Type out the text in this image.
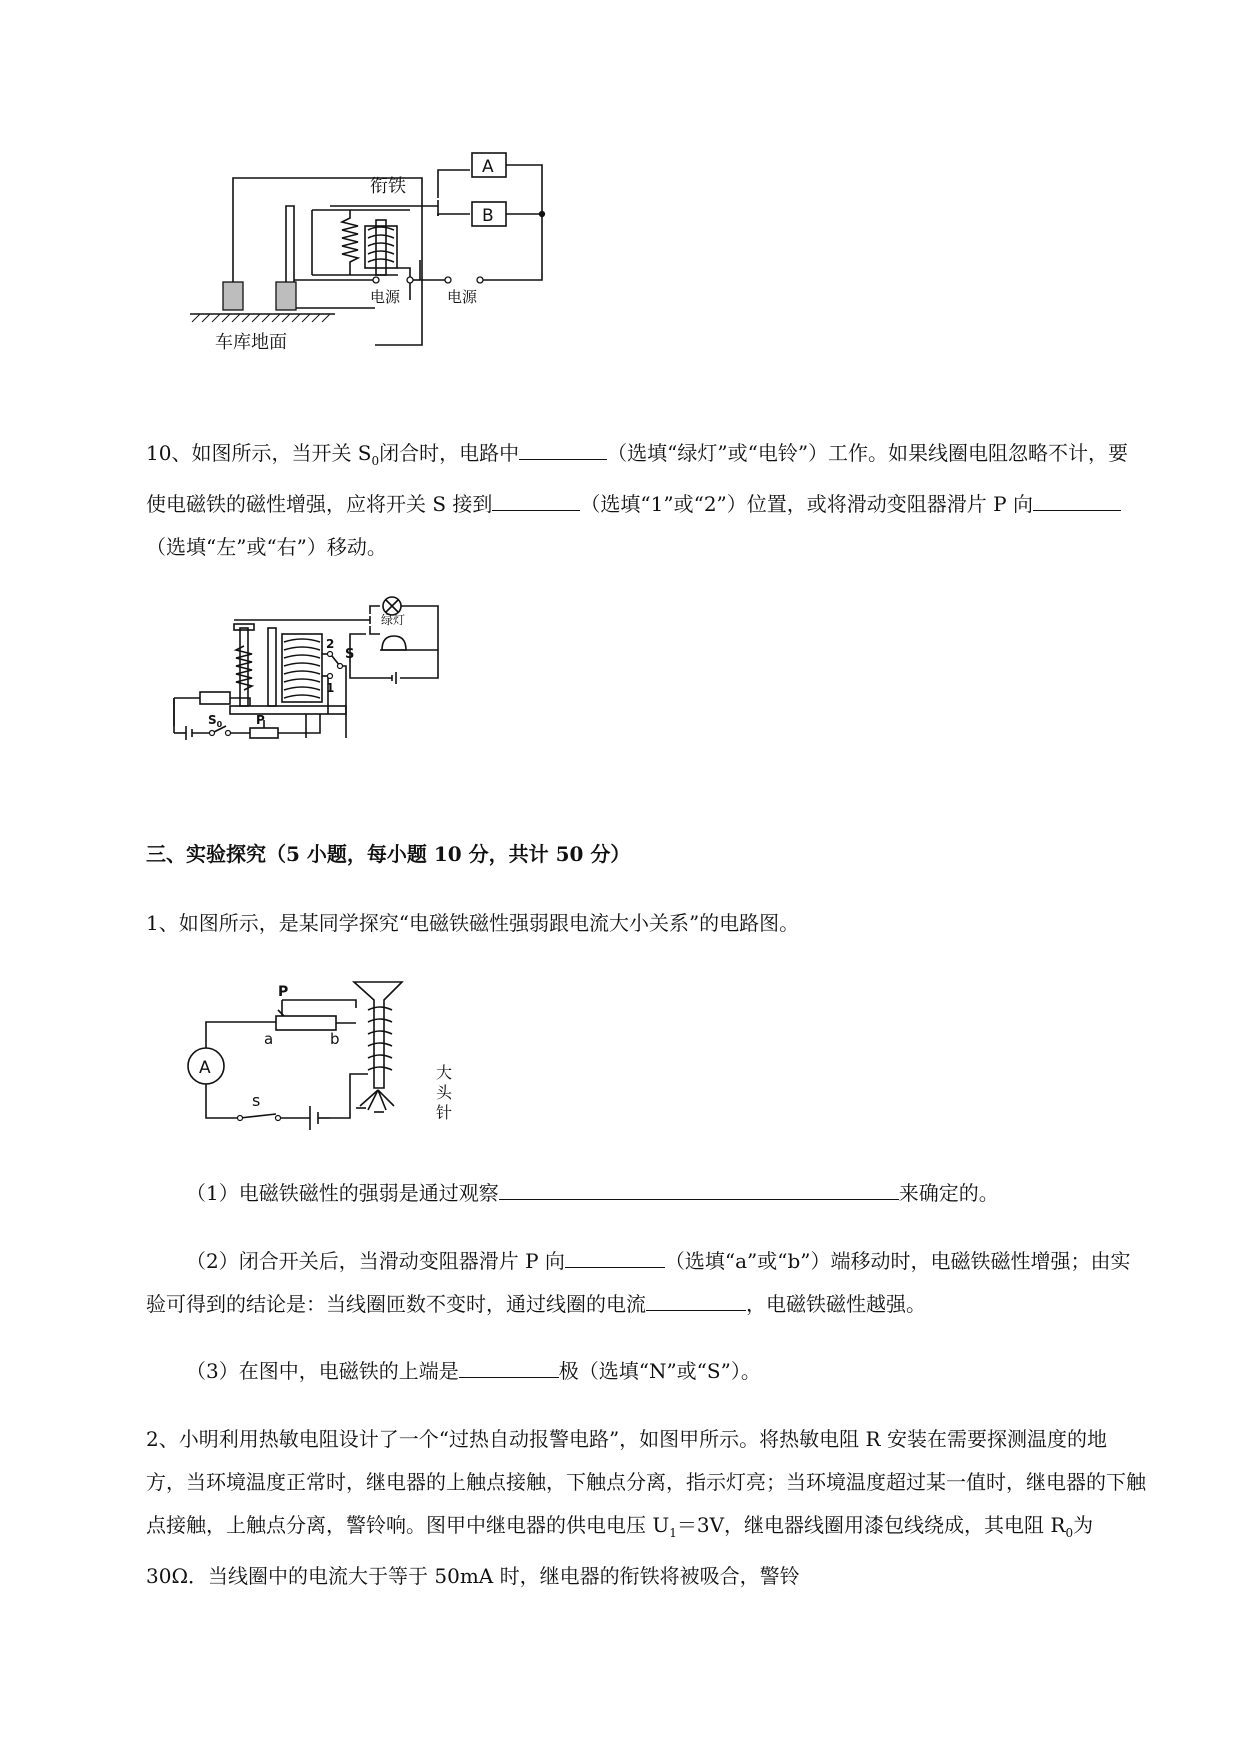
衔铁
A
B
电源	电源
车库地面

10、如图所示，当开关 $S_0$闭合时，电路中	（选填“绿灯”或“电铃”）工作。如果线圈电阻忽略不计，要使电磁铁的磁性增强，应将开关 S 接到	（选填“1”或“2”）位置，或将滑动变阻器滑片 P 向（选填“左”或“右”）移动。

绿灯
2
1
S
$S_0$	P

三、实验探究（5 小题，每小题 10 分，共计 50 分）

1、如图所示，是某同学探究“电磁铁磁性强弱跟电流大小关系”的电路图。

A
P
a	b
s
大
头
针

（1）电磁铁磁性的强弱是通过观察	来确定的。

（2）闭合开关后，当滑动变阻器滑片 P 向	（选填“a”或“b”）端移动时，电磁铁磁性增强；由实验可得到的结论是：当线圈匝数不变时，通过线圈的电流	，电磁铁磁性越强。

（3）在图中，电磁铁的上端是	极（选填“N”或“S”）。

2、小明利用热敏电阻设计了一个“过热自动报警电路”，如图甲所示。将热敏电阻 R 安装在需要探测温度的地方，当环境温度正常时，继电器的上触点接触，下触点分离，指示灯亮；当环境温度超过某一值时，继电器的下触点接触，上触点分离，警铃响。图甲中继电器的供电电压 $U_1=3V$，继电器线圈用漆包线绕成，其电阻 $R_0$为 30Ω．当线圈中的电流大于等于 50mA 时，继电器的衔铁将被吸合，警铃
